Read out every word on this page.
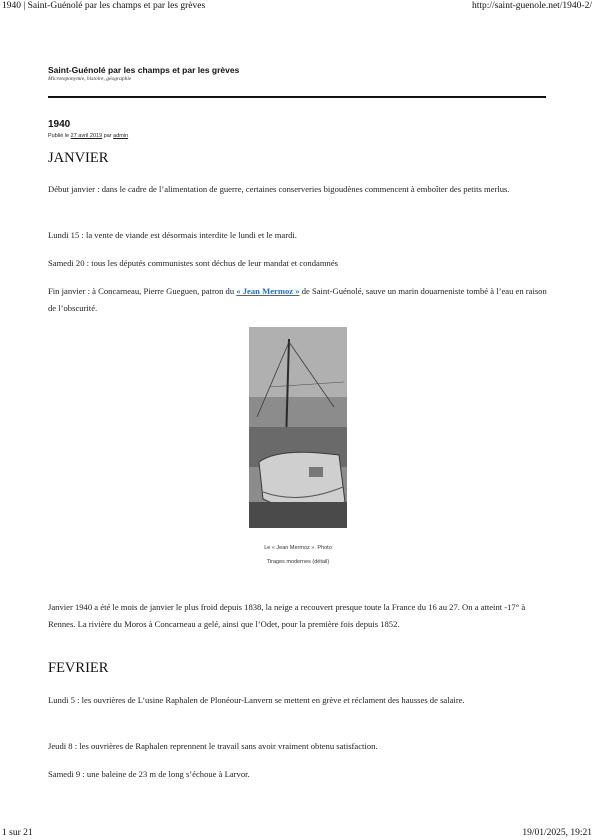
1940 | Saint-Guénolé par les champs et par les grèves	http://saint-guenole.net/1940-2/
Saint-Guénolé par les champs et par les grèves
Microtoponymie, histoire, géographie
1940
Publié le 27 avril 2019 par admin
JANVIER

Début janvier : dans le cadre de l’alimentation de guerre, certaines conserveries bigoudènes commencent à emboîter des petits merlus.

Lundi 15 : la vente de viande est désormais interdite le lundi et le mardi.

Samedi 20 : tous les députés communistes sont déchus de leur mandat et condamnés

Fin janvier : à Concarneau, Pierre Gueguen, patron du « Jean Mermoz » de Saint-Guénolé, sauve un marin douarneniste tombé à l’eau en raison de l’obscurité.

Le « Jean Mermoz ». Photo
Tirages modernes (détail)

Janvier 1940 a été le mois de janvier le plus froid depuis 1838, la neige a recouvert presque toute la France du 16 au 27. On a atteint -17° à Rennes. La rivière du Moros à Concarneau a gelé, ainsi que l’Odet, pour la première fois depuis 1852.

FEVRIER

Lundi 5 : les ouvrières de L’usine Raphalen de Plonéour-Lanvern se mettent en grève et réclament des hausses de salaire.

Jeudi 8 : les ouvrières de Raphalen reprennent le travail sans avoir vraiment obtenu satisfaction.

Samedi 9 : une baleine de 23 m de long s’échoue à Larvor.

1 sur 21	19/01/2025, 19:21
